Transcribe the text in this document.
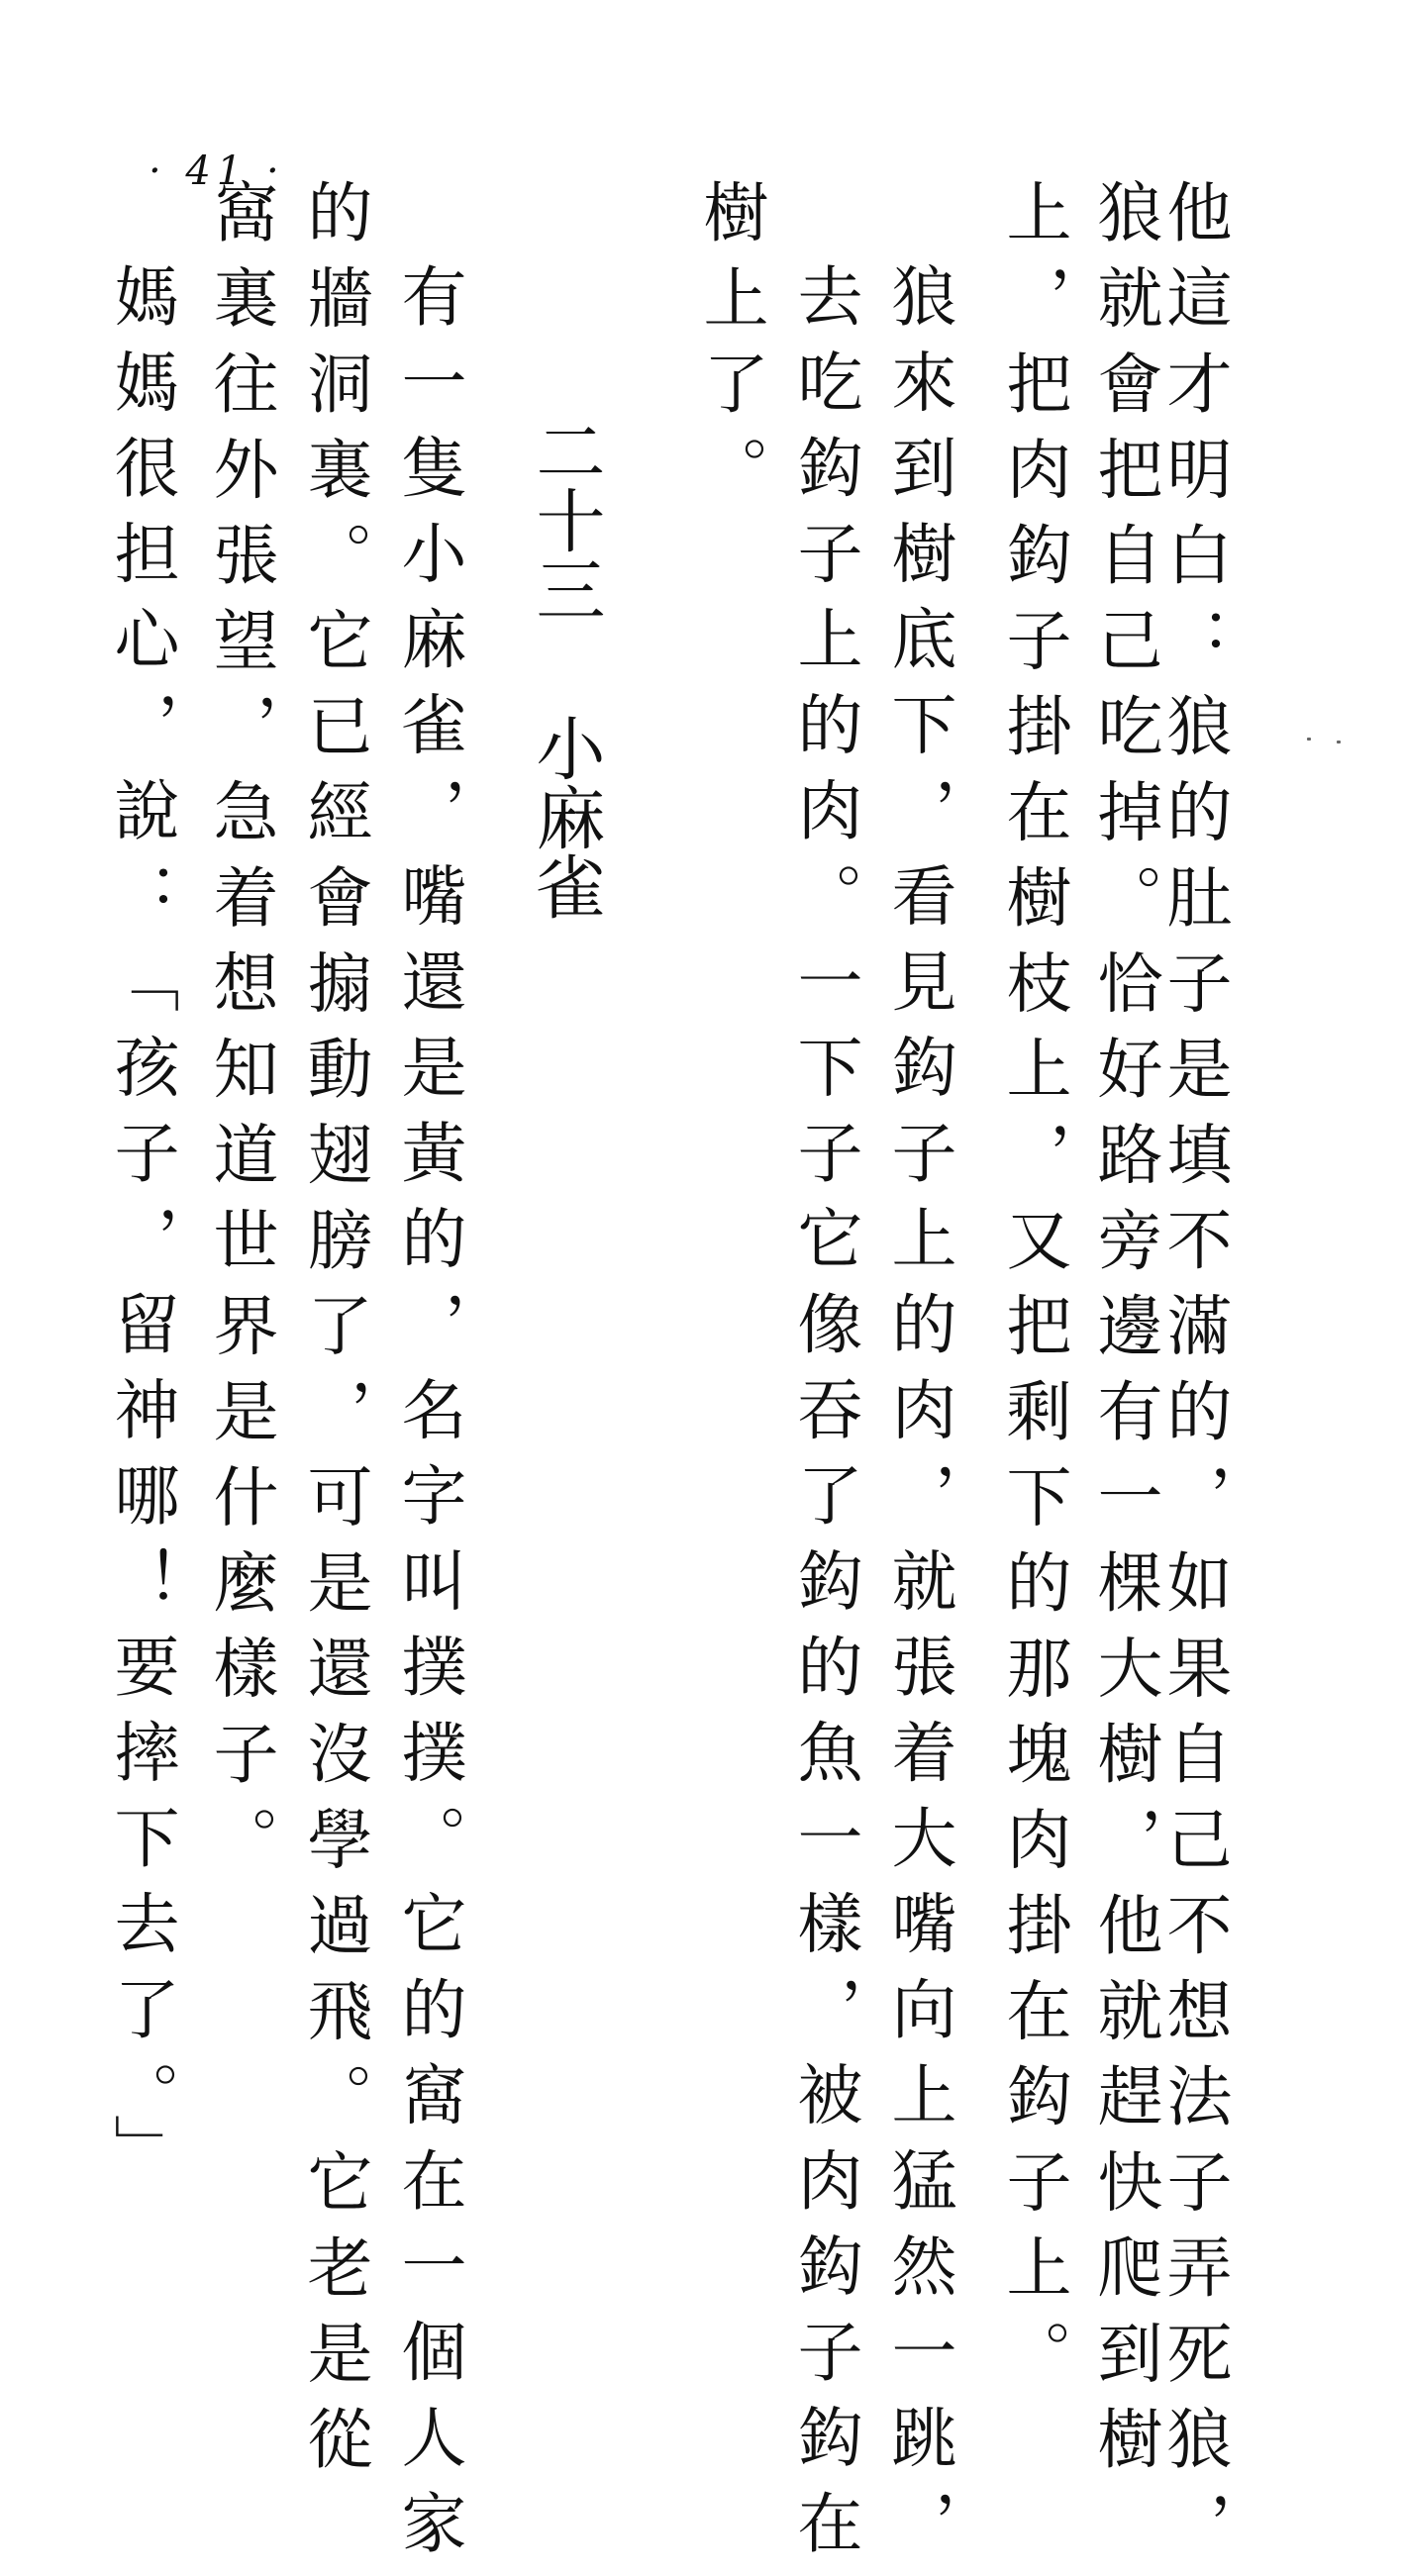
· 41 ·
他這才明白：狼的肚子是填不滿的，如果自己不想法子弄死狼，
狼就會把自己吃掉。恰好路旁邊有一棵大樹，他就趕快爬到樹
上，把肉鈎子掛在樹枝上，又把剩下的那塊肉掛在鈎子上。
狼來到樹底下，看見鈎子上的肉，就張着大嘴向上猛然一跳，
去吃鈎子上的肉。一下子它像吞了鈎的魚一樣，被肉鈎子鈎在
樹上了。
二十三小麻雀
有一隻小麻雀，嘴還是黃的，名字叫撲撲。它的窩在一個人家
的牆洞裏。它已經會搧動翅膀了，可是還沒學過飛。它老是從
窩裏往外張望，急着想知道世界是什麼樣子。
媽媽很担心，說：「孩子，留神哪！要摔下去了。」
